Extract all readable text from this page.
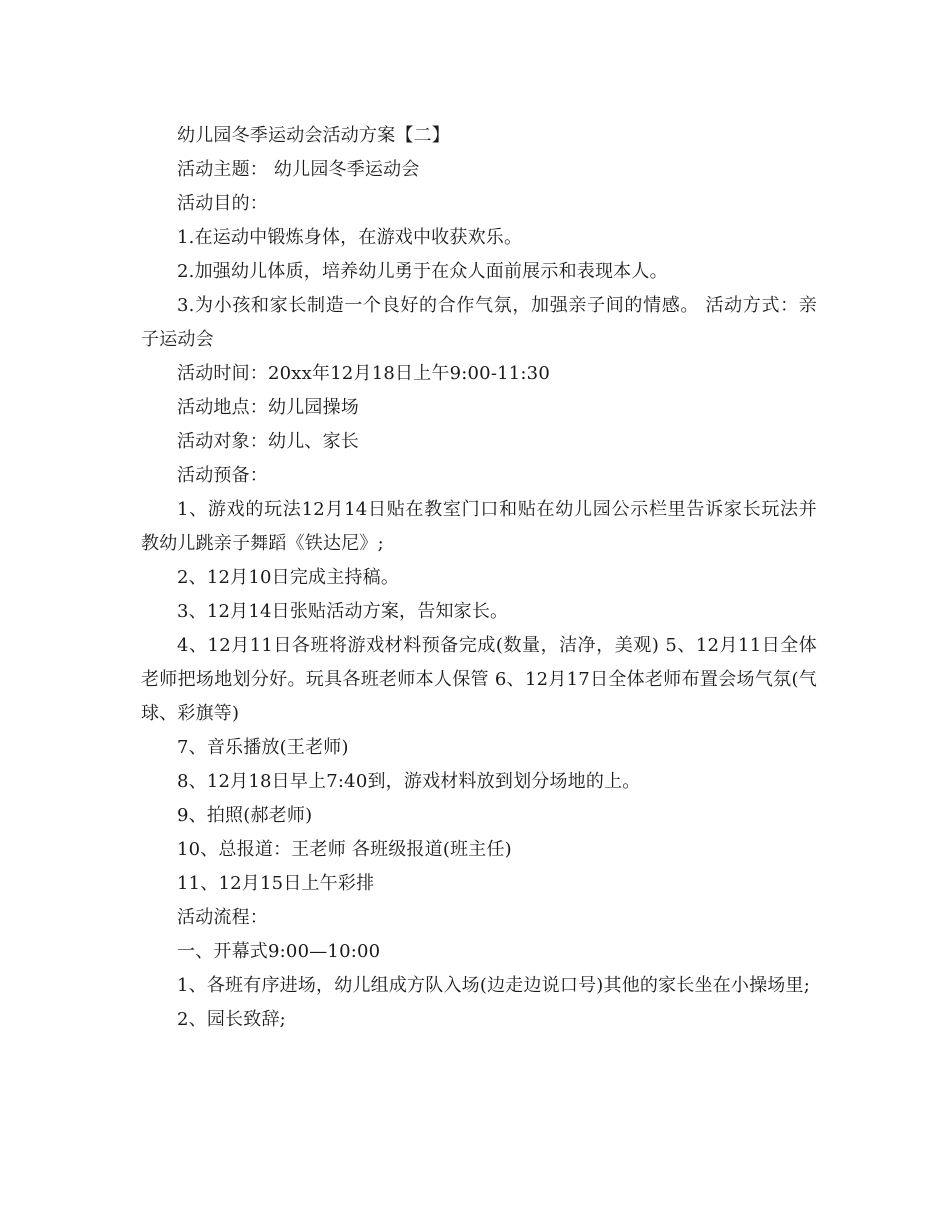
幼儿园冬季运动会活动方案【二】

活动主题： 幼儿园冬季运动会

活动目的：

1.在运动中锻炼身体，在游戏中收获欢乐。

2.加强幼儿体质，培养幼儿勇于在众人面前展示和表现本人。

3.为小孩和家长制造一个良好的合作气氛，加强亲子间的情感。 活动方式：亲子运动会

活动时间：20xx年12月18日上午9:00-11:30

活动地点：幼儿园操场

活动对象：幼儿、家长

活动预备：

1、游戏的玩法12月14日贴在教室门口和贴在幼儿园公示栏里告诉家长玩法并教幼儿跳亲子舞蹈《铁达尼》;

2、12月10日完成主持稿。

3、12月14日张贴活动方案，告知家长。

4、12月11日各班将游戏材料预备完成(数量，洁净，美观) 5、12月11日全体老师把场地划分好。玩具各班老师本人保管 6、12月17日全体老师布置会场气氛(气球、彩旗等)

7、音乐播放(王老师)

8、12月18日早上7:40到，游戏材料放到划分场地的上。

9、拍照(郝老师)

10、总报道：王老师 各班级报道(班主任)

11、12月15日上午彩排

活动流程：

一、开幕式9:00—10:00

1、各班有序进场，幼儿组成方队入场(边走边说口号)其他的家长坐在小操场里;

2、园长致辞;
